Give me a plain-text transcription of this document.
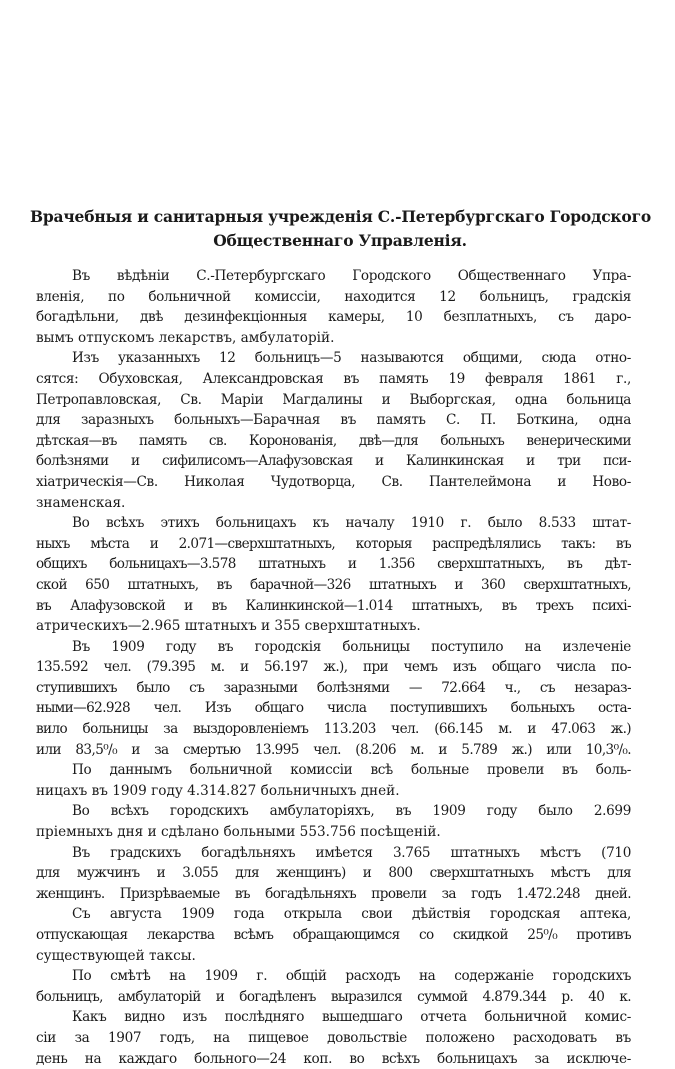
Врачебныя и санитарныя учрежденія С.-Петербургскаго Городского
Общественнаго Управленія.
Въ вѣдѣніи С.-Петербургскаго Городского Общественнаго Упра-
вленія, по больничной комиссіи, находится 12 больницъ, градскія
богадѣльни, двѣ дезинфекціонныя камеры, 10 безплатныхъ, съ даро-
вымъ отпускомъ лекарствъ, амбулаторій.
Изъ указанныхъ 12 больницъ—5 называются общими, сюда отно-
сятся: Обуховская, Александровская въ память 19 февраля 1861 г.,
Петропавловская, Св. Маріи Магдалины и Выборгская, одна больница
для заразныхъ больныхъ—Барачная въ память С. П. Боткина, одна
дѣтская—въ память св. Коронованія, двѣ—для больныхъ венерическими
болѣзнями и сифилисомъ—Алафузовская и Калинкинская и три пси-
хіатрическія—Св. Николая Чудотворца, Св. Пантелеймона и Ново-
знаменская.
Во всѣхъ этихъ больницахъ къ началу 1910 г. было 8.533 штат-
ныхъ мѣста и 2.071—сверхштатныхъ, которыя распредѣлялись такъ: въ
общихъ больницахъ—3.578 штатныхъ и 1.356 сверхштатныхъ, въ дѣт-
ской 650 штатныхъ, въ барачной—326 штатныхъ и 360 сверхштатныхъ,
въ Алафузовской и въ Калинкинской—1.014 штатныхъ, въ трехъ психі-
атрическихъ—2.965 штатныхъ и 355 сверхштатныхъ.
Въ 1909 году въ городскія больницы поступило на излеченіе
135.592 чел. (79.395 м. и 56.197 ж.), при чемъ изъ общаго числа по-
ступившихъ было съ заразными болѣзнями — 72.664 ч., съ незараз-
ными—62.928 чел. Изъ общаго числа поступившихъ больныхъ оста-
вило больницы за выздоровленіемъ 113.203 чел. (66.145 м. и 47.063 ж.)
или 83,5⁰/₀ и за смертью 13.995 чел. (8.206 м. и 5.789 ж.) или 10,3⁰/₀.
По даннымъ больничной комиссіи всѣ больные провели въ боль-
ницахъ въ 1909 году 4.314.827 больничныхъ дней.
Во всѣхъ городскихъ амбулаторіяхъ, въ 1909 году было 2.699
пріемныхъ дня и сдѣлано больными 553.756 посѣщеній.
Въ градскихъ богадѣльняхъ имѣется 3.765 штатныхъ мѣстъ (710
для мужчинъ и 3.055 для женщинъ) и 800 сверхштатныхъ мѣстъ для
женщинъ. Призрѣваемые въ богадѣльняхъ провели за годъ 1.472.248 дней.
Съ августа 1909 года открыла свои дѣйствія городская аптека,
отпускающая лекарства всѣмъ обращающимся со скидкой 25⁰/₀ противъ
существующей таксы.
По смѣтѣ на 1909 г. общій расходъ на содержаніе городскихъ
больницъ, амбулаторій и богадѣленъ выразился суммой 4.879.344 р. 40 к.
Какъ видно изъ послѣдняго вышедшаго отчета больничной комис-
сіи за 1907 годъ, на пищевое довольствіе положено расходовать въ
день на каждаго больного—24 коп. во всѣхъ больницахъ за исключе-
